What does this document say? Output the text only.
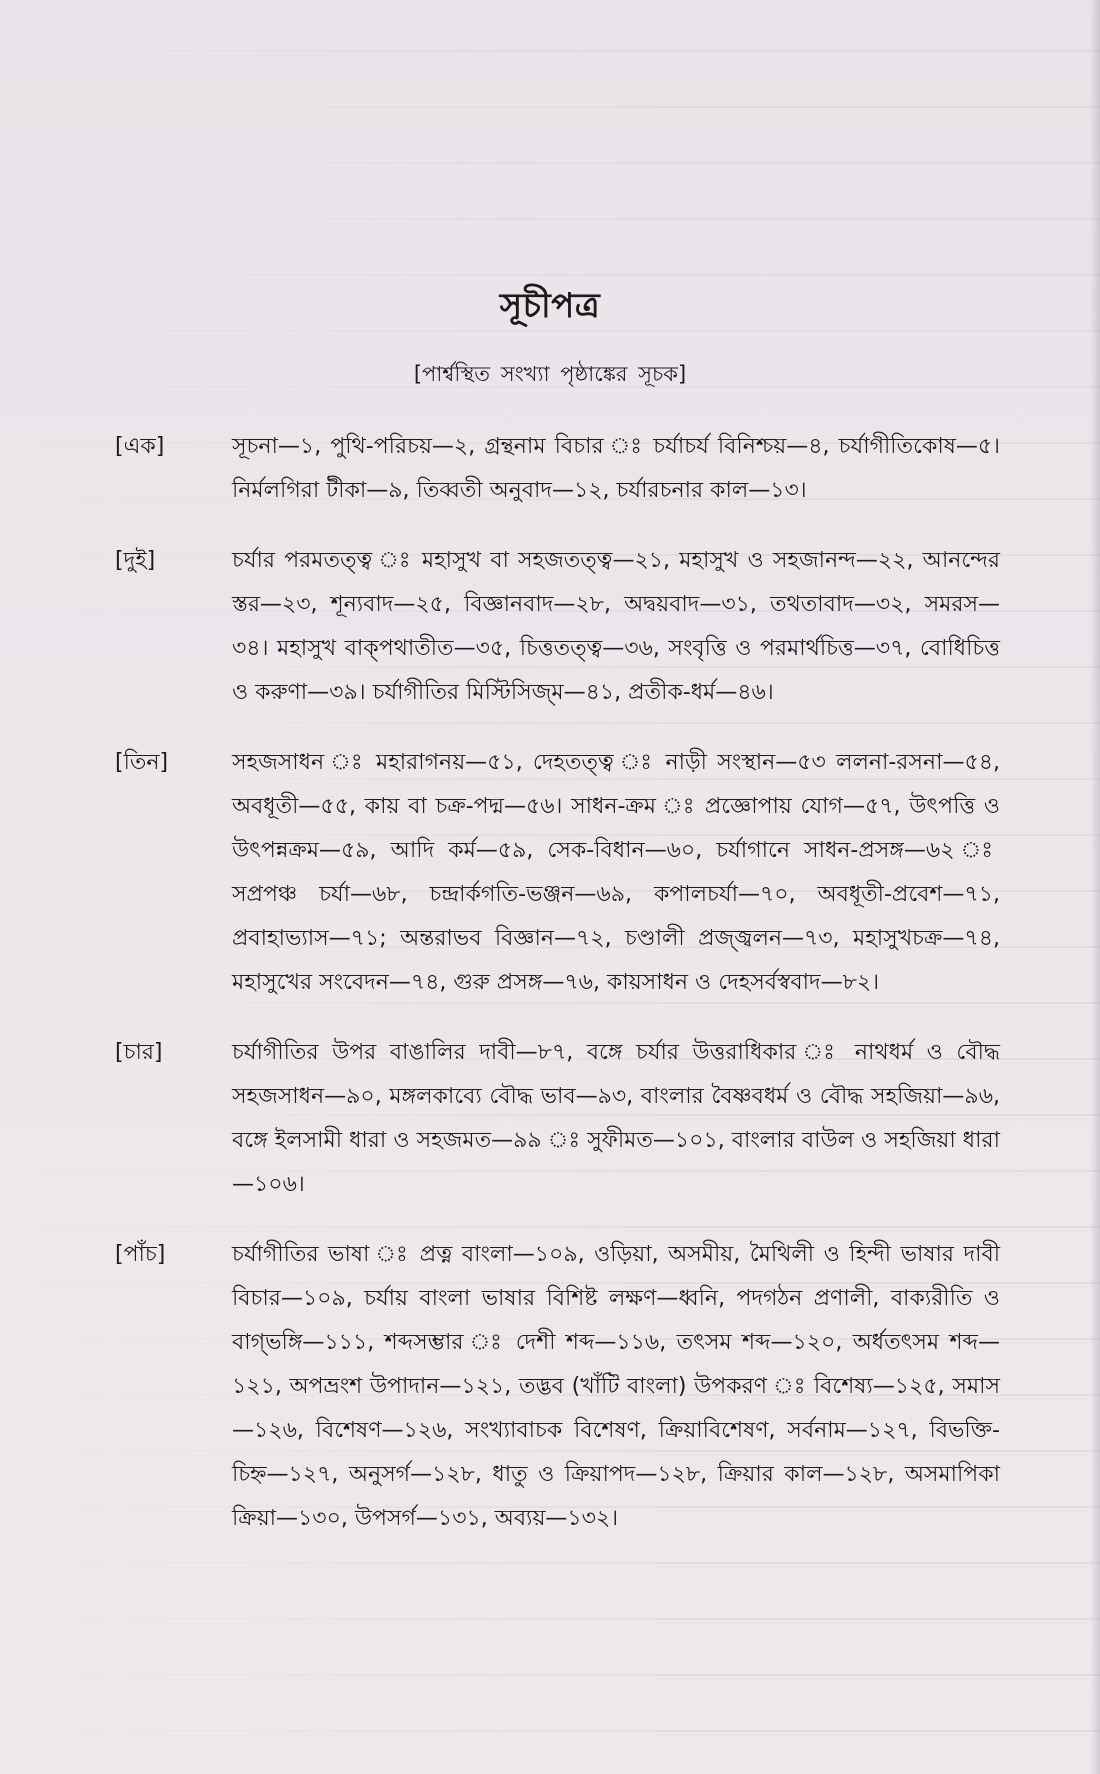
সূচীপত্র
[পার্শ্বস্থিত সংখ্যা পৃষ্ঠাঙ্কের সূচক]
[এক]	সূচনা—১, পুথি-পরিচয়—২, গ্রন্থনাম বিচার ঃ চর্যাচর্য বিনিশ্চয়—৪, চর্যাগীতিকোষ—৫। নির্মলগিরা টীকা—৯, তিব্বতী অনুবাদ—১২, চর্যারচনার কাল—১৩।
[দুই]	চর্যার পরমতত্ত্ব ঃ মহাসুখ বা সহজতত্ত্ব—২১, মহাসুখ ও সহজানন্দ—২২, আনন্দের স্তর—২৩, শূন্যবাদ—২৫, বিজ্ঞানবাদ—২৮, অদ্বয়বাদ—৩১, তথতাবাদ—৩২, সমরস—৩৪। মহাসুখ বাক্‌পথাতীত—৩৫, চিত্ততত্ত্ব—৩৬, সংবৃত্তি ও পরমার্থচিত্ত—৩৭, বোধিচিত্ত ও করুণা—৩৯। চর্যাগীতির মিস্টিসিজ্‌ম—৪১, প্রতীক-ধর্ম—৪৬।
[তিন]	সহজসাধন ঃ মহারাগনয়—৫১, দেহতত্ত্ব ঃ নাড়ী সংস্থান—৫৩ ললনা-রসনা—৫৪, অবধূতী—৫৫, কায় বা চক্র-পদ্ম—৫৬। সাধন-ক্রম ঃ প্রজ্ঞোপায় যোগ—৫৭, উৎপত্তি ও উৎপন্নক্রম—৫৯, আদি কর্ম—৫৯, সেক-বিধান—৬০, চর্যাগানে সাধন-প্রসঙ্গ—৬২ ঃ সপ্রপঞ্চ চর্যা—৬৮, চন্দ্রার্কগতি-ভঞ্জন—৬৯, কপালচর্যা—৭০, অবধূতী-প্রবেশ—৭১, প্রবাহাভ্যাস—৭১; অন্তরাভব বিজ্ঞান—৭২, চণ্ডালী প্রজ্জ্বলন—৭৩, মহাসুখচক্র—৭৪, মহাসুখের সংবেদন—৭৪, গুরু প্রসঙ্গ—৭৬, কায়সাধন ও দেহসর্বস্ববাদ—৮২।
[চার]	চর্যাগীতির উপর বাঙালির দাবী—৮৭, বঙ্গে চর্যার উত্তরাধিকার ঃ নাথধর্ম ও বৌদ্ধ সহজসাধন—৯০, মঙ্গলকাব্যে বৌদ্ধ ভাব—৯৩, বাংলার বৈষ্ণবধর্ম ও বৌদ্ধ সহজিয়া—৯৬, বঙ্গে ইলসামী ধারা ও সহজমত—৯৯ ঃ সুফীমত—১০১, বাংলার বাউল ও সহজিয়া ধারা—১০৬।
[পাঁচ]	চর্যাগীতির ভাষা ঃ প্রত্ন বাংলা—১০৯, ওড়িয়া, অসমীয়, মৈথিলী ও হিন্দী ভাষার দাবী বিচার—১০৯, চর্যায় বাংলা ভাষার বিশিষ্ট লক্ষণ—ধ্বনি, পদগঠন প্রণালী, বাক্যরীতি ও বাগ্‌ভঙ্গি—১১১, শব্দসম্ভার ঃ দেশী শব্দ—১১৬, তৎসম শব্দ—১২০, অর্ধতৎসম শব্দ—১২১, অপভ্রংশ উপাদান—১২১, তদ্ভব (খাঁটি বাংলা) উপকরণ ঃ বিশেষ্য—১২৫, সমাস—১২৬, বিশেষণ—১২৬, সংখ্যাবাচক বিশেষণ, ক্রিয়াবিশেষণ, সর্বনাম—১২৭, বিভক্তি-চিহ্ন—১২৭, অনুসর্গ—১২৮, ধাতু ও ক্রিয়াপদ—১২৮, ক্রিয়ার কাল—১২৮, অসমাপিকা ক্রিয়া—১৩০, উপসর্গ—১৩১, অব্যয়—১৩২।
